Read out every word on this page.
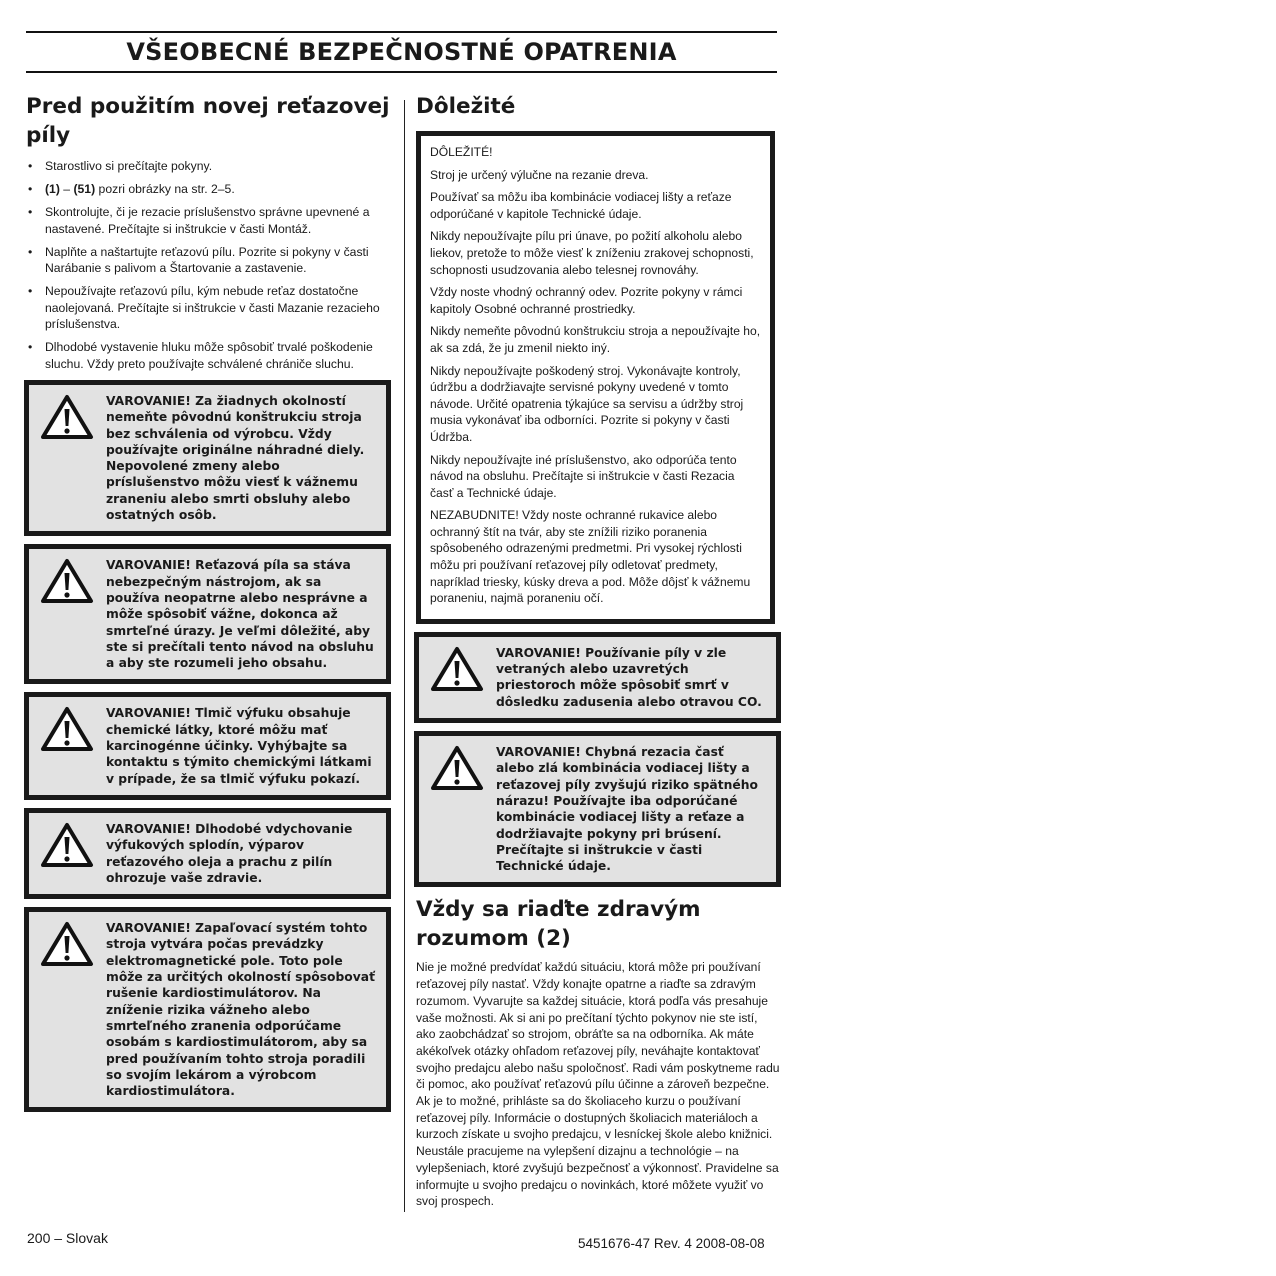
VŠEOBECNÉ BEZPEČNOSTNÉ OPATRENIA
Pred použitím novej reťazovej píly
• Starostlivo si prečítajte pokyny.
• (1) – (51) pozri obrázky na str. 2–5.
• Skontrolujte, či je rezacie príslušenstvo správne upevnené a nastavené. Prečítajte si inštrukcie v časti Montáž.
• Naplňte a naštartujte reťazovú pílu. Pozrite si pokyny v časti Narábanie s palivom a Štartovanie a zastavenie.
• Nepoužívajte reťazovú pílu, kým nebude reťaz dostatočne naolejovaná. Prečítajte si inštrukcie v časti Mazanie rezacieho príslušenstva.
• Dlhodobé vystavenie hluku môže spôsobiť trvalé poškodenie sluchu. Vždy preto používajte schválené chrániče sluchu.
VAROVANIE! Za žiadnych okolností nemeňte pôvodnú konštrukciu stroja bez schválenia od výrobcu. Vždy používajte originálne náhradné diely. Nepovolené zmeny alebo príslušenstvo môžu viesť k vážnemu zraneniu alebo smrti obsluhy alebo ostatných osôb.
VAROVANIE! Reťazová píla sa stáva nebezpečným nástrojom, ak sa používa neopatrne alebo nesprávne a môže spôsobiť vážne, dokonca až smrteľné úrazy. Je veľmi dôležité, aby ste si prečítali tento návod na obsluhu a aby ste rozumeli jeho obsahu.
VAROVANIE! Tlmič výfuku obsahuje chemické látky, ktoré môžu mať karcinogénne účinky. Vyhýbajte sa kontaktu s týmito chemickými látkami v prípade, že sa tlmič výfuku pokazí.
VAROVANIE! Dlhodobé vdychovanie výfukových splodín, výparov reťazového oleja a prachu z pilín ohrozuje vaše zdravie.
VAROVANIE! Zapaľovací systém tohto stroja vytvára počas prevádzky elektromagnetické pole. Toto pole môže za určitých okolností spôsobovať rušenie kardiostimulátorov. Na zníženie rizika vážneho alebo smrteľného zranenia odporúčame osobám s kardiostimulátorom, aby sa pred používaním tohto stroja poradili so svojím lekárom a výrobcom kardiostimulátora.
Dôležité

DÔLEŽITÉ!

Stroj je určený výlučne na rezanie dreva.

Používať sa môžu iba kombinácie vodiacej lišty a reťaze odporúčané v kapitole Technické údaje.

Nikdy nepoužívajte pílu pri únave, po požití alkoholu alebo liekov, pretože to môže viesť k zníženiu zrakovej schopnosti, schopnosti usudzovania alebo telesnej rovnováhy.

Vždy noste vhodný ochranný odev. Pozrite pokyny v rámci kapitoly Osobné ochranné prostriedky.

Nikdy nemeňte pôvodnú konštrukciu stroja a nepoužívajte ho, ak sa zdá, že ju zmenil niekto iný.

Nikdy nepoužívajte poškodený stroj. Vykonávajte kontroly, údržbu a dodržiavajte servisné pokyny uvedené v tomto návode. Určité opatrenia týkajúce sa servisu a údržby stroj musia vykonávať iba odborníci. Pozrite si pokyny v časti Údržba.

Nikdy nepoužívajte iné príslušenstvo, ako odporúča tento návod na obsluhu. Prečítajte si inštrukcie v časti Rezacia časť a Technické údaje.

NEZABUDNITE! Vždy noste ochranné rukavice alebo ochranný štít na tvár, aby ste znížili riziko poranenia spôsobeného odrazenými predmetmi. Pri vysokej rýchlosti môžu pri používaní reťazovej píly odletovať predmety, napríklad triesky, kúsky dreva a pod. Môže dôjsť k vážnemu poraneniu, najmä poraneniu očí.

VAROVANIE! Používanie píly v zle vetraných alebo uzavretých priestoroch môže spôsobiť smrť v dôsledku zadusenia alebo otravou CO.
VAROVANIE! Chybná rezacia časť alebo zlá kombinácia vodiacej lišty a reťazovej píly zvyšujú riziko spätného nárazu! Používajte iba odporúčané kombinácie vodiacej lišty a reťaze a dodržiavajte pokyny pri brúsení. Prečítajte si inštrukcie v časti Technické údaje.
Vždy sa riaďte zdravým rozumom (2)

Nie je možné predvídať každú situáciu, ktorá môže pri používaní reťazovej píly nastať. Vždy konajte opatrne a riaďte sa zdravým rozumom. Vyvarujte sa každej situácie, ktorá podľa vás presahuje vaše možnosti. Ak si ani po prečítaní týchto pokynov nie ste istí, ako zaobchádzať so strojom, obráťte sa na odborníka. Ak máte akékoľvek otázky ohľadom reťazovej píly, neváhajte kontaktovať svojho predajcu alebo našu spoločnosť. Radi vám poskytneme radu či pomoc, ako používať reťazovú pílu účinne a zároveň bezpečne. Ak je to možné, prihláste sa do školiaceho kurzu o používaní reťazovej píly. Informácie o dostupných školiacich materiáloch a kurzoch získate u svojho predajcu, v lesníckej škole alebo knižnici. Neustále pracujeme na vylepšení dizajnu a technológie – na vylepšeniach, ktoré zvyšujú bezpečnosť a výkonnosť. Pravidelne sa informujte u svojho predajcu o novinkách, ktoré môžete využiť vo svoj prospech.

200 – Slovak	5451676-47 Rev. 4 2008-08-08
